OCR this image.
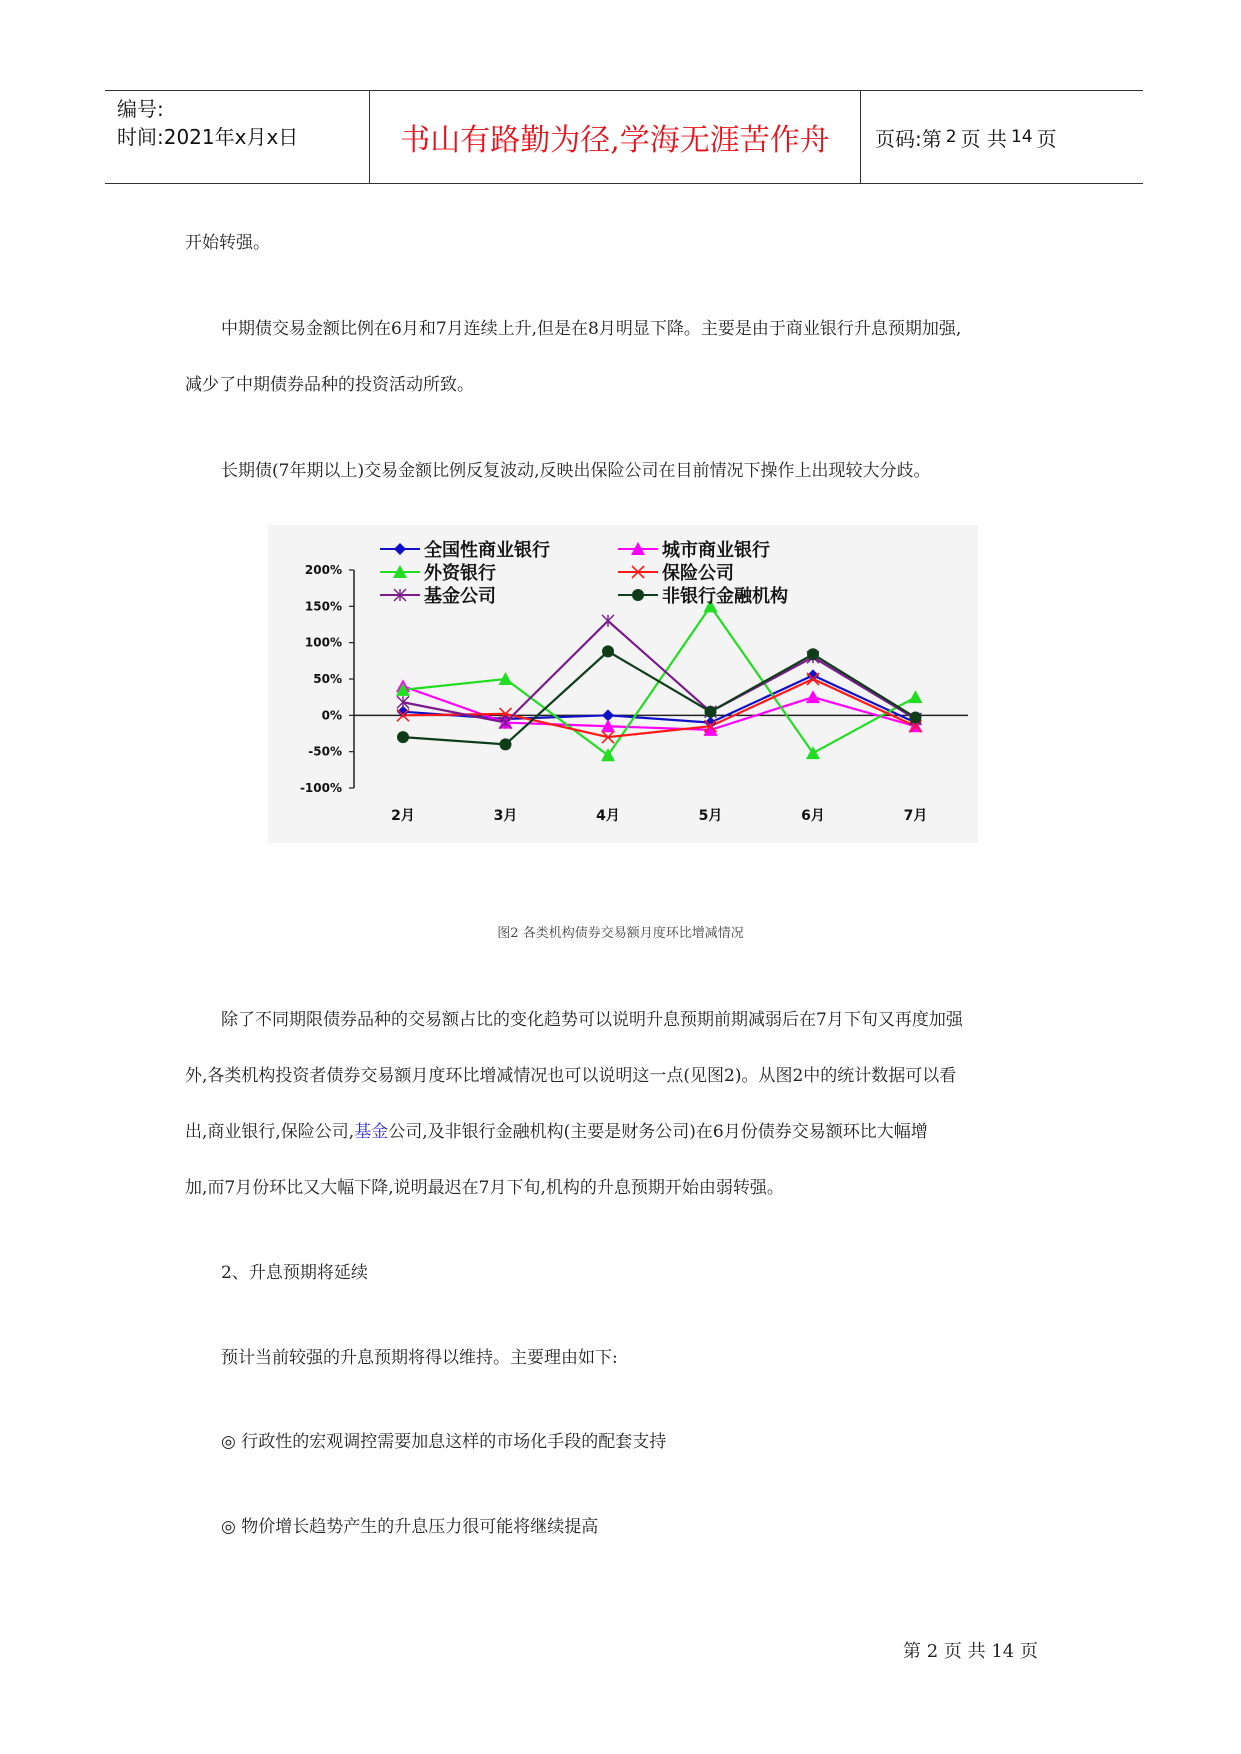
编号:
时间:2021年x月x日	书山有路勤为径,学海无涯苦作舟	页码:第 2 页 共 14 页
开始转强。
中期债交易金额比例在6月和7月连续上升,但是在8月明显下降。主要是由于商业银行升息预期加强,
减少了中期债券品种的投资活动所致。
长期债(7年期以上)交易金额比例反复波动,反映出保险公司在目前情况下操作上出现较大分歧。
200%
150%
100%
50%
0%
-50%
-100%
2月	3月	4月	5月	6月	7月
全国性商业银行	城市商业银行
外资银行	保险公司
基金公司	非银行金融机构
图2 各类机构债券交易额月度环比增减情况
除了不同期限债券品种的交易额占比的变化趋势可以说明升息预期前期减弱后在7月下旬又再度加强
外,各类机构投资者债券交易额月度环比增减情况也可以说明这一点(见图2)。从图2中的统计数据可以看
出,商业银行,保险公司,基金公司,及非银行金融机构(主要是财务公司)在6月份债券交易额环比大幅增
加,而7月份环比又大幅下降,说明最迟在7月下旬,机构的升息预期开始由弱转强。
2、升息预期将延续
预计当前较强的升息预期将得以维持。主要理由如下:
◎ 行政性的宏观调控需要加息这样的市场化手段的配套支持
◎ 物价增长趋势产生的升息压力很可能将继续提高
第 2 页 共 14 页
